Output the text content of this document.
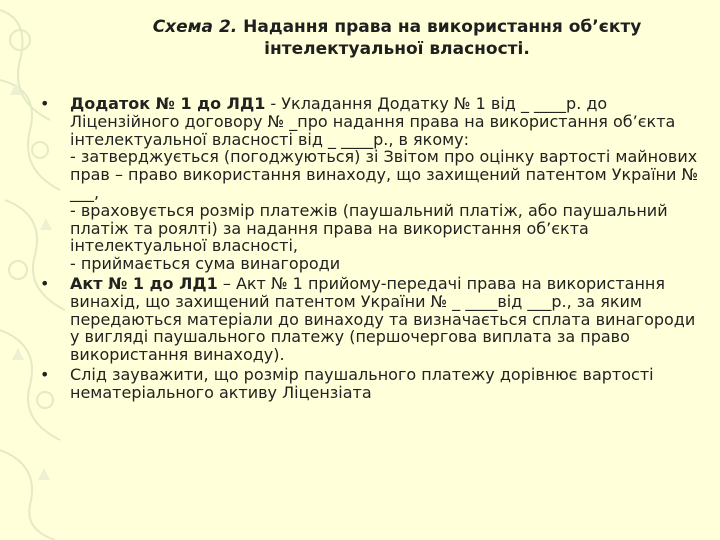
Схема 2. Надання права на використання об’єкту
інтелектуальної власності.
•	Додаток № 1 до ЛД1 - Укладання Додатку № 1 від _ ____р. до Ліцензійного договору № _про надання права на використання об’єкта інтелектуальної власності від _ ____р., в якому:
- затверджується (погоджуються) зі Звітом про оцінку вартості майнових прав – право використання винаходу, що захищений патентом України № ___,
- враховується розмір платежів (паушальний платіж, або паушальний платіж та роялті) за надання права на використання об’єкта інтелектуальної власності,
- приймається сума винагороди
•	Акт № 1 до ЛД1 – Акт № 1 прийому-передачі права на використання винахід, що захищений патентом України № _ ____від ___р., за яким передаються матеріали до винаходу та визначається сплата винагороди у вигляді паушального платежу (першочергова виплата за право використання винаходу).
•	Слід зауважити, що розмір паушального платежу дорівнює вартості нематеріального активу Ліцензіата
